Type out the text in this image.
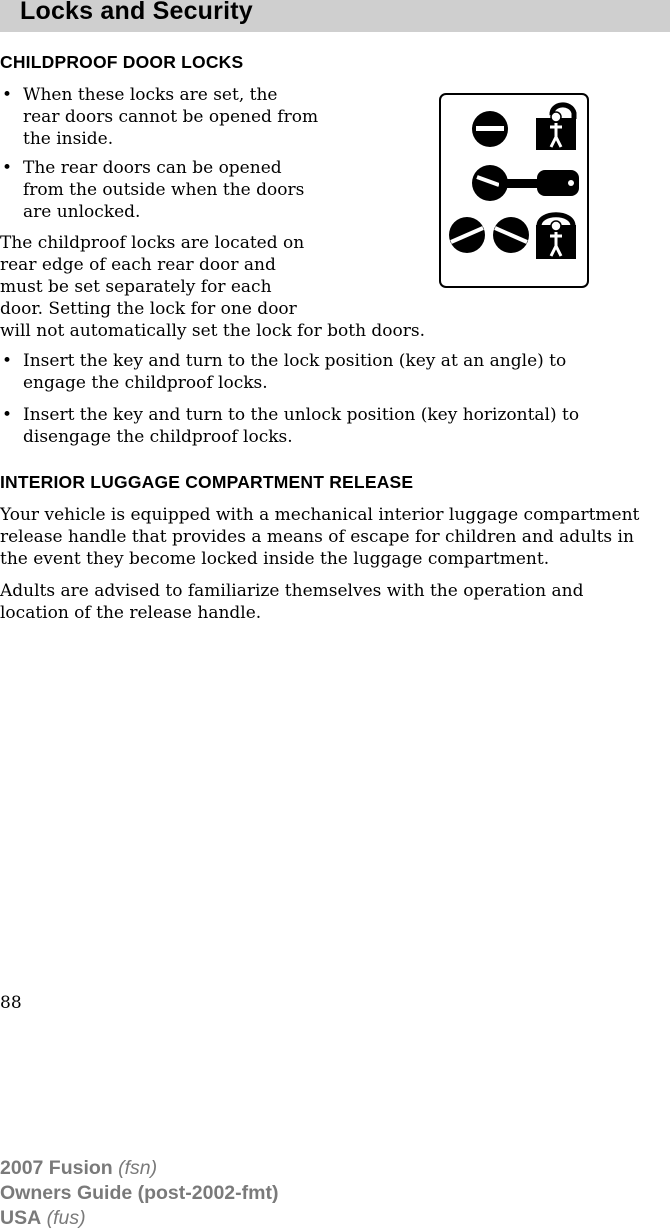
Locks and Security
CHILDPROOF DOOR LOCKS
• When these locks are set, the
rear doors cannot be opened from
the inside.
• The rear doors can be opened
from the outside when the doors
are unlocked.
The childproof locks are located on
rear edge of each rear door and
must be set separately for each
door. Setting the lock for one door
will not automatically set the lock for both doors.
• Insert the key and turn to the lock position (key at an angle) to
engage the childproof locks.
• Insert the key and turn to the unlock position (key horizontal) to
disengage the childproof locks.
INTERIOR LUGGAGE COMPARTMENT RELEASE
Your vehicle is equipped with a mechanical interior luggage compartment
release handle that provides a means of escape for children and adults in
the event they become locked inside the luggage compartment.
Adults are advised to familiarize themselves with the operation and
location of the release handle.
88
2007 Fusion (fsn)
Owners Guide (post-2002-fmt)
USA (fus)
